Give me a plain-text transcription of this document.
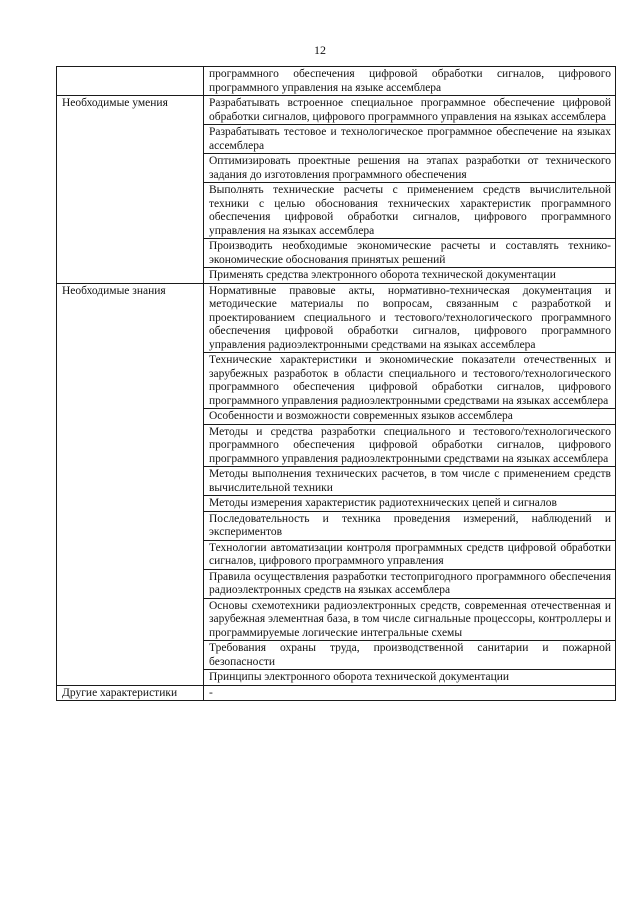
12
	программного обеспечения цифровой обработки сигналов, цифрового программного управления на языке ассемблера
Необходимые умения	Разрабатывать встроенное специальное программное обеспечение цифровой обработки сигналов, цифрового программного управления на языках ассемблера
	Разрабатывать тестовое и технологическое программное обеспечение на языках ассемблера
	Оптимизировать проектные решения на этапах разработки от технического задания до изготовления программного обеспечения
	Выполнять технические расчеты с применением средств вычислительной техники с целью обоснования технических характеристик программного обеспечения цифровой обработки сигналов, цифрового программного управления на языках ассемблера
	Производить необходимые экономические расчеты и составлять технико-экономические обоснования принятых решений
	Применять средства электронного оборота технической документации
Необходимые знания	Нормативные правовые акты, нормативно-техническая документация и методические материалы по вопросам, связанным с разработкой и проектированием специального и тестового/технологического программного обеспечения цифровой обработки сигналов, цифрового программного управления радиоэлектронными средствами на языках ассемблера
	Технические характеристики и экономические показатели отечественных и зарубежных разработок в области специального и тестового/технологического программного обеспечения цифровой обработки сигналов, цифрового программного управления радиоэлектронными средствами на языках ассемблера
	Особенности и возможности современных языков ассемблера
	Методы и средства разработки специального и тестового/технологического программного обеспечения цифровой обработки сигналов, цифрового программного управления радиоэлектронными средствами на языках ассемблера
	Методы выполнения технических расчетов, в том числе с применением средств вычислительной техники
	Методы измерения характеристик радиотехнических цепей и сигналов
	Последовательность и техника проведения измерений, наблюдений и экспериментов
	Технологии автоматизации контроля программных средств цифровой обработки сигналов, цифрового программного управления
	Правила осуществления разработки тестопригодного программного обеспечения радиоэлектронных средств на языках ассемблера
	Основы схемотехники радиоэлектронных средств, современная отечественная и зарубежная элементная база, в том числе сигнальные процессоры, контроллеры и программируемые логические интегральные схемы
	Требования охраны труда, производственной санитарии и пожарной безопасности
	Принципы электронного оборота технической документации
Другие характеристики	-
